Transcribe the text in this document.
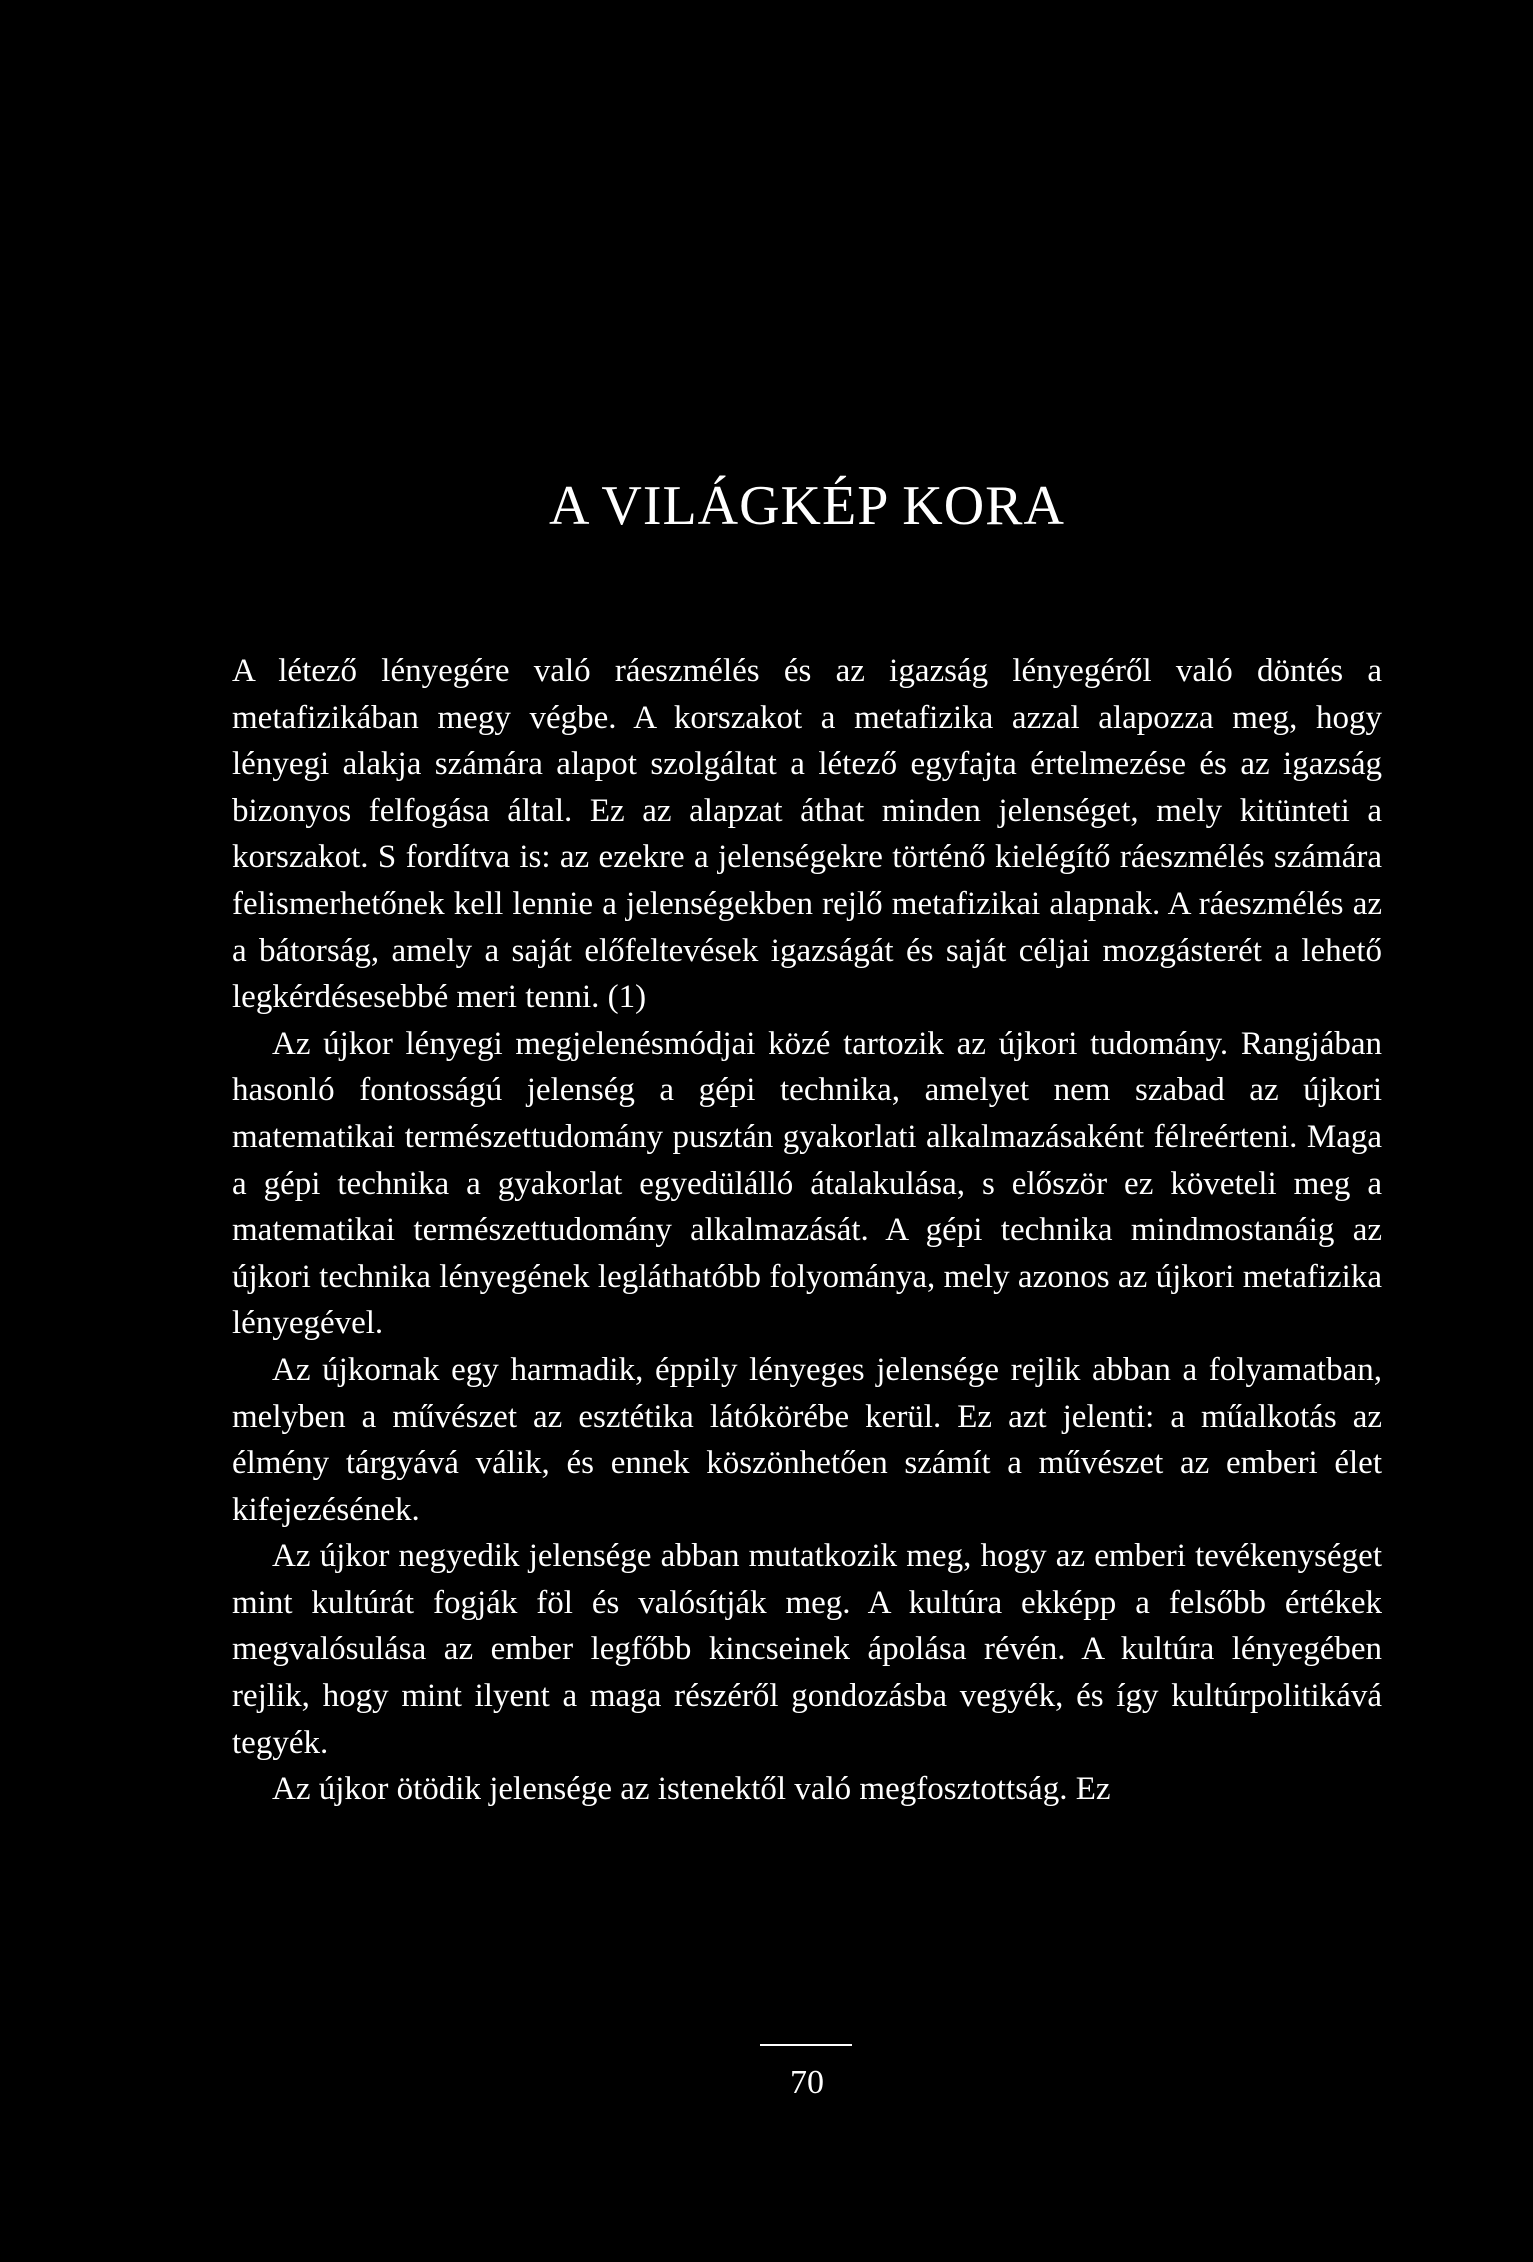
A VILÁGKÉP KORA

A létező lényegére való ráeszmélés és az igazság lényegéről való döntés a metafizikában megy végbe. A korszakot a metafizika azzal alapozza meg, hogy lényegi alakja számára alapot szolgáltat a létező egyfajta értelmezése és az igazság bizonyos felfogása által. Ez az alapzat áthat minden jelenséget, mely kitünteti a korszakot. S fordítva is: az ezekre a jelenségekre történő kielégítő ráeszmélés számára felismerhetőnek kell lennie a jelenségekben rejlő metafizikai alapnak. A ráeszmélés az a bátorság, amely a saját előfeltevések igazságát és saját céljai mozgásterét a lehető legkérdésesebbé meri tenni. (1)

Az újkor lényegi megjelenésmódjai közé tartozik az újkori tudomány. Rangjában hasonló fontosságú jelenség a gépi technika, amelyet nem szabad az újkori matematikai természettudomány pusztán gyakorlati alkalmazásaként félreérteni. Maga a gépi technika a gyakorlat egyedülálló átalakulása, s először ez követeli meg a matematikai természettudomány alkalmazását. A gépi technika mindmostanáig az újkori technika lényegének legláthatóbb folyománya, mely azonos az újkori metafizika lényegével.

Az újkornak egy harmadik, éppily lényeges jelensége rejlik abban a folyamatban, melyben a művészet az esztétika látókörébe kerül. Ez azt jelenti: a műalkotás az élmény tárgyává válik, és ennek köszönhetően számít a művészet az emberi élet kifejezésének.

Az újkor negyedik jelensége abban mutatkozik meg, hogy az emberi tevékenységet mint kultúrát fogják föl és valósítják meg. A kultúra ekképp a felsőbb értékek megvalósulása az ember legfőbb kincseinek ápolása révén. A kultúra lényegében rejlik, hogy mint ilyent a maga részéről gondozásba vegyék, és így kultúrpolitikává tegyék.

Az újkor ötödik jelensége az istenektől való megfosztottság. Ez

70
